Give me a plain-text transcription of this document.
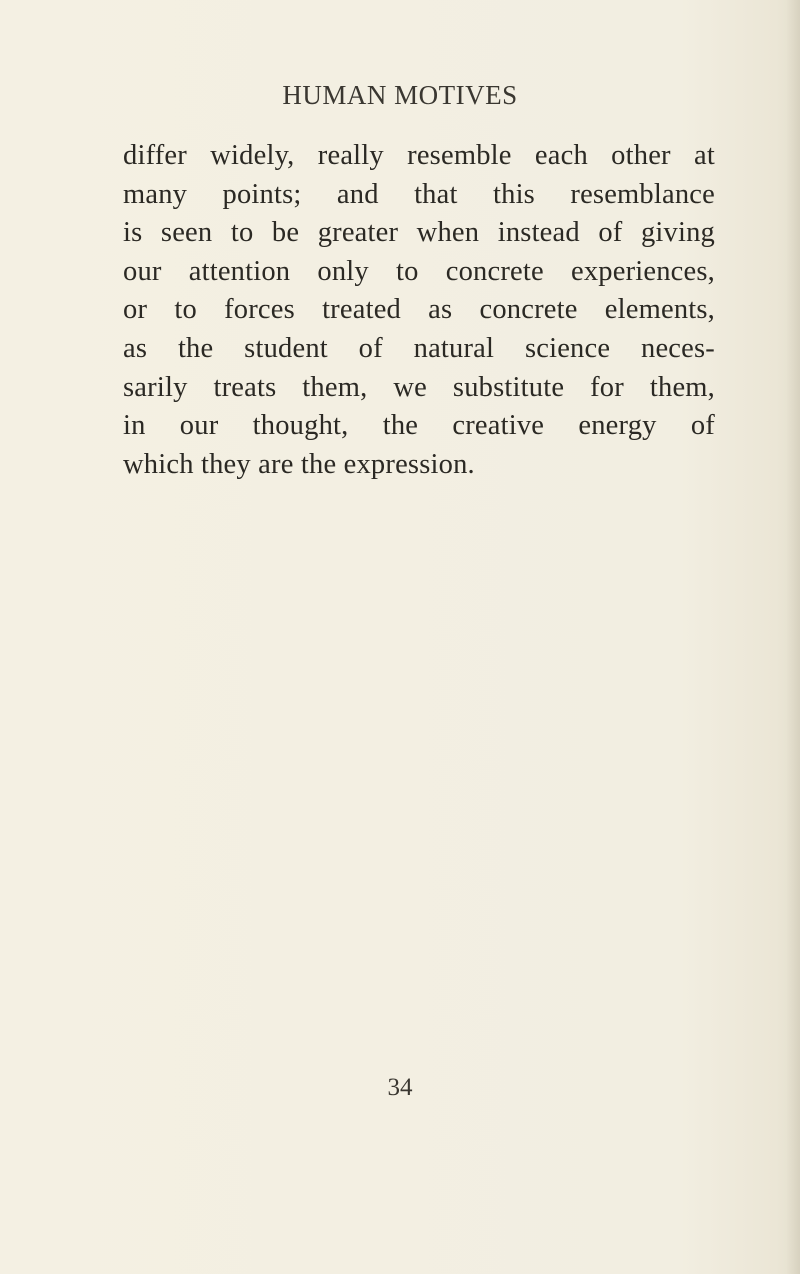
HUMAN MOTIVES
differ widely, really resemble each other at
many points; and that this resemblance
is seen to be greater when instead of giving
our attention only to concrete experiences,
or to forces treated as concrete elements,
as the student of natural science neces-
sarily treats them, we substitute for them,
in our thought, the creative energy of
which they are the expression.
34
